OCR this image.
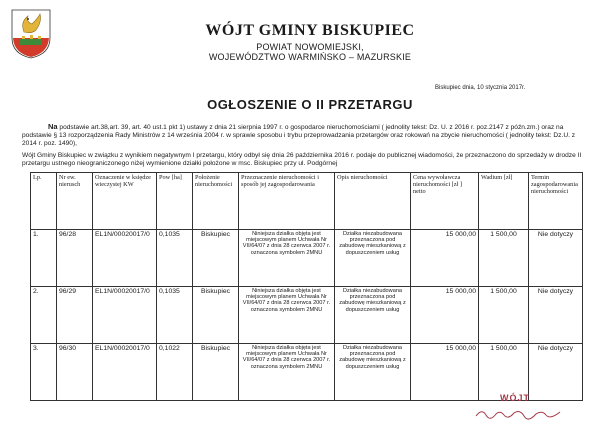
WÓJT GMINY BISKUPIEC
POWIAT NOWOMIEJSKI,
WOJEWÓDZTWO WARMIŃSKO – MAZURSKIE
Biskupiec dnia, 10 stycznia 2017r.
OGŁOSZENIE O II PRZETARGU

Na podstawie art.38,art. 39, art. 40 ust.1 pkt 1) ustawy z dnia 21 sierpnia 1997 r. o gospodarce nieruchomościami ( jednolity tekst: Dz. U. z 2016 r. poz.2147 z późn.zm.) oraz na podstawie § 13 rozporządzenia Rady Ministrów z 14 września 2004 r. w sprawie sposobu i trybu przeprowadzania przetargów oraz rokowań na zbycie nieruchomości ( jednolity tekst: Dz.U. z 2014 r. poz. 1490),

Wójt Gminy Biskupiec w związku z wynikiem negatywnym I przetargu, który odbył się dnia 26 października 2016 r. podaje do publicznej wiadomości, że przeznaczono do sprzedaży w drodze II przetargu ustnego nieograniczonego niżej wymienione działki położone w msc. Biskupiec przy ul. Podgórnej

Lp.	Nr ew. nierusch	Oznaczenie w księdze wieczystej KW	Pow [ha]	Położenie nieruchomości	Przeznaczenie nieruchomości i sposób jej zagospodarowania	Opis nieruchomości	Cena wywoławcza nieruchomości [zł ] netto	Wadium [zł]	Termin zagospodarowania nieruchomości
1.	96/28	EL1N/00020017/0	0,1035	Biskupiec	Niniejsza działka objęta jest miejscowym planem Uchwała Nr VII/64/07 z dnia 28 czerwca 2007 r. oznaczona symbolem 2MNU	Działka niezabudowana przeznaczona pod zabudowę mieszkaniową z dopuszczeniem usług	15 000,00	1 500,00	Nie dotyczy
2.	96/29	EL1N/00020017/0	0,1035	Biskupiec	Niniejsza działka objęta jest miejscowym planem Uchwała Nr VII/64/07 z dnia 28 czerwca 2007 r. oznaczona symbolem 2MNU	Działka niezabudowana przeznaczona pod zabudowę mieszkaniową z dopuszczeniem usług	15 000,00	1 500,00	Nie dotyczy
3.	96/30	EL1N/00020017/0	0,1022	Biskupiec	Niniejsza działka objęta jest miejscowym planem Uchwała Nr VII/64/07 z dnia 28 czerwca 2007 r. oznaczona symbolem 2MNU	Działka niezabudowana przeznaczona pod zabudowę mieszkaniową z dopuszczeniem usług	15 000,00	1 500,00	Nie dotyczy
WÓJT
